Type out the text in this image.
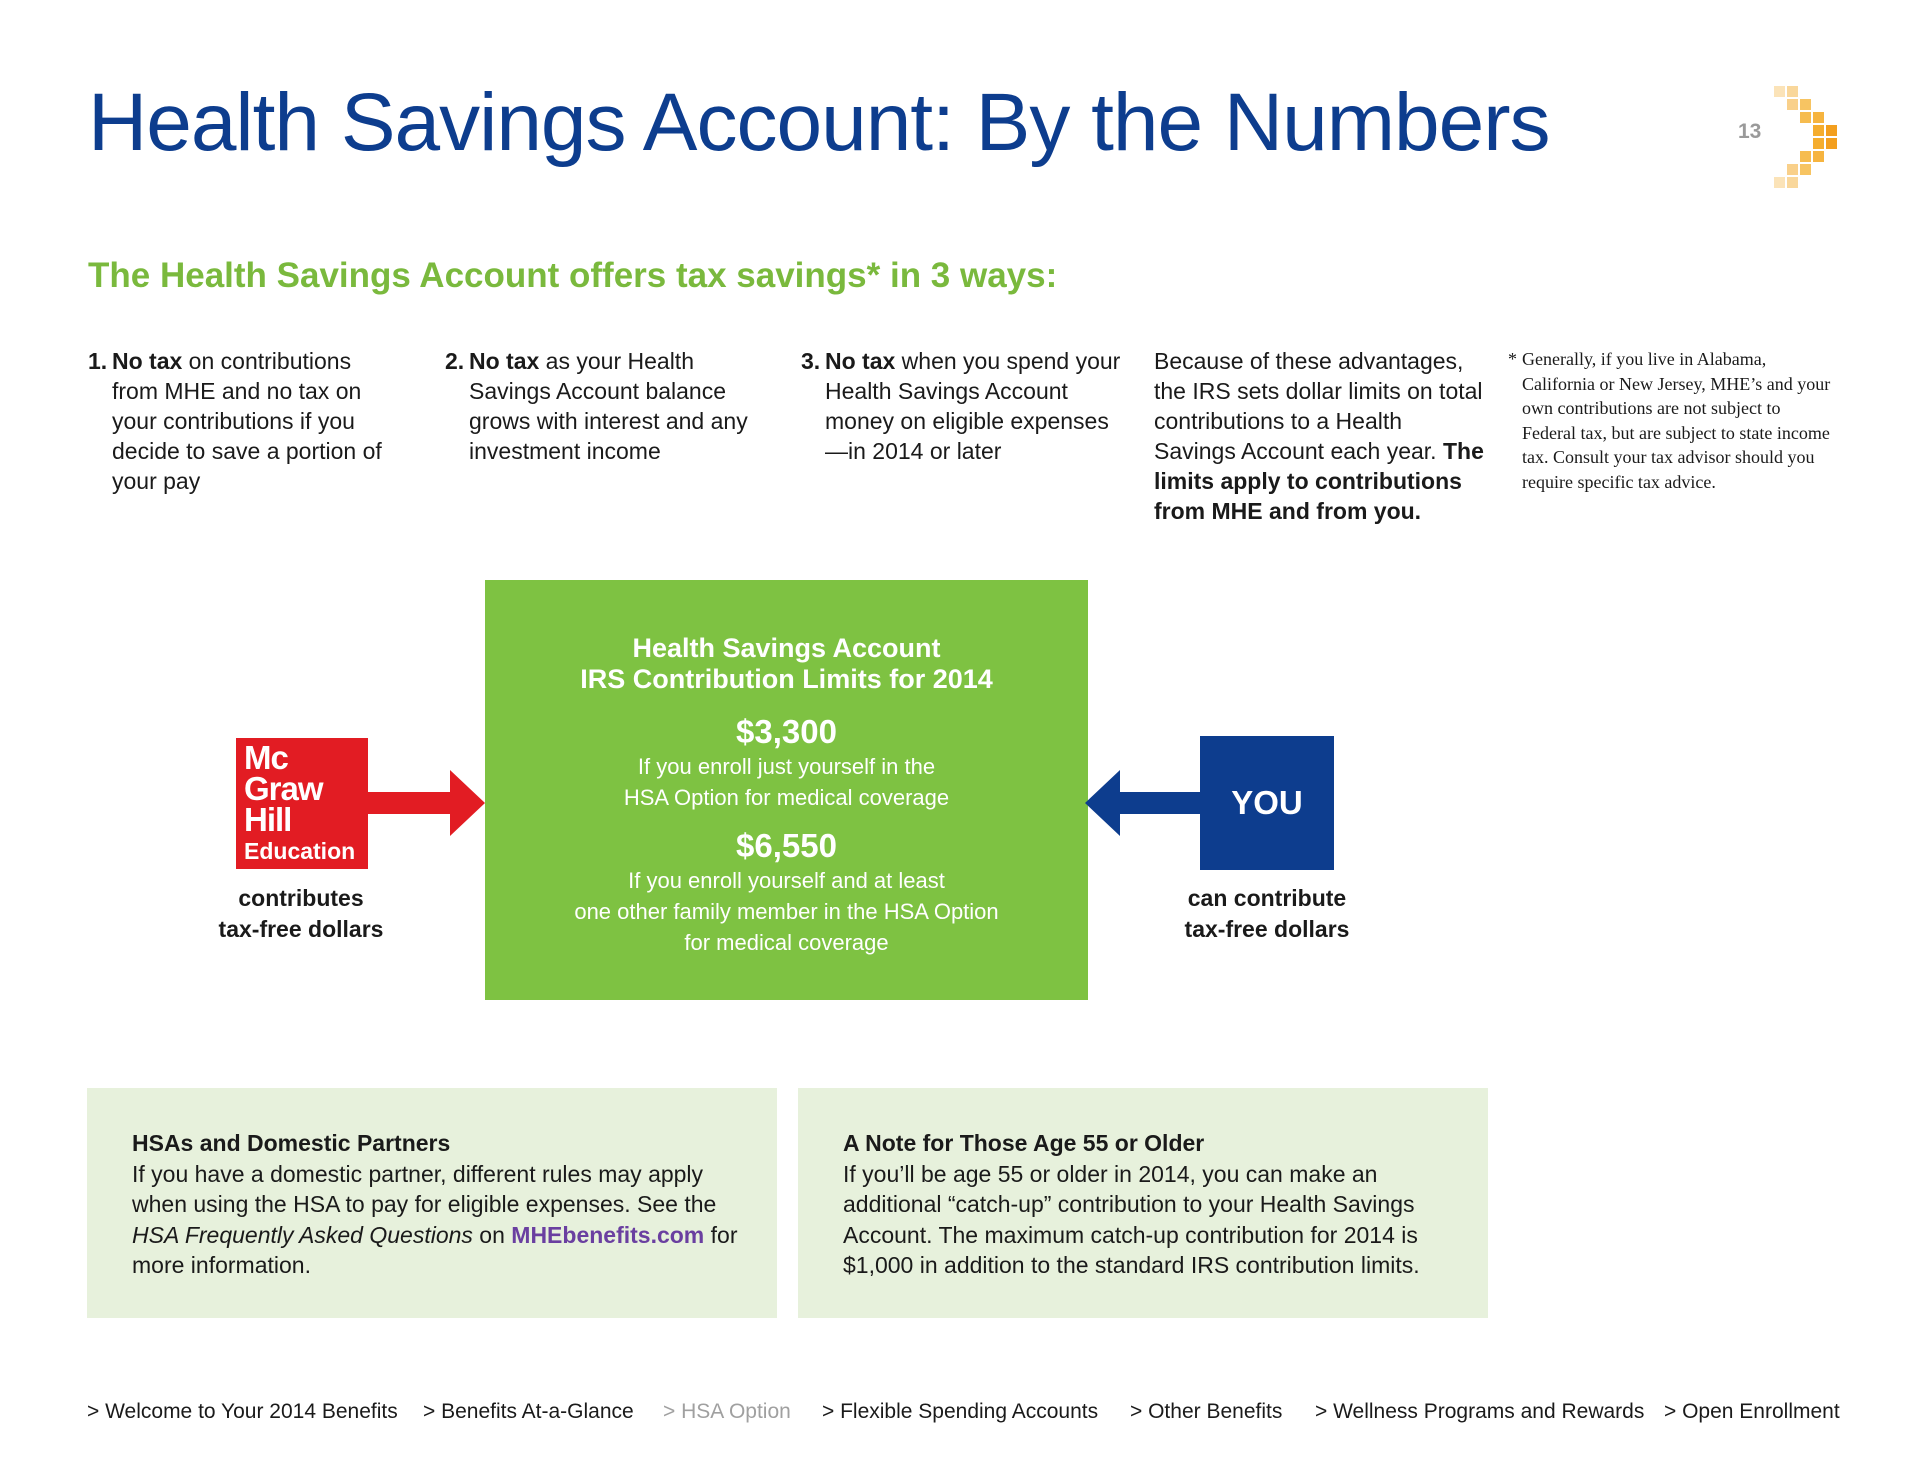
Health Savings Account: By the Numbers	13
The Health Savings Account offers tax savings* in 3 ways:
1. No tax on contributions from MHE and no tax on your contributions if you decide to save a portion of your pay
2. No tax as your Health Savings Account balance grows with interest and any investment income
3. No tax when you spend your Health Savings Account money on eligible expenses—in 2014 or later
Because of these advantages, the IRS sets dollar limits on total contributions to a Health Savings Account each year. The limits apply to contributions from MHE and from you.
* Generally, if you live in Alabama, California or New Jersey, MHE’s and your own contributions are not subject to Federal tax, but are subject to state income tax. Consult your tax advisor should you require specific tax advice.
Mc
Graw
Hill
Education
contributes
tax-free dollars
Health Savings Account
IRS Contribution Limits for 2014
$3,300
If you enroll just yourself in the
HSA Option for medical coverage
$6,550
If you enroll yourself and at least
one other family member in the HSA Option
for medical coverage
YOU
can contribute
tax-free dollars
HSAs and Domestic Partners
If you have a domestic partner, different rules may apply when using the HSA to pay for eligible expenses. See the HSA Frequently Asked Questions on MHEbenefits.com for more information.
A Note for Those Age 55 or Older
If you’ll be age 55 or older in 2014, you can make an additional “catch-up” contribution to your Health Savings Account. The maximum catch-up contribution for 2014 is $1,000 in addition to the standard IRS contribution limits.
> Welcome to Your 2014 Benefits > Benefits At-a-Glance > HSA Option > Flexible Spending Accounts > Other Benefits > Wellness Programs and Rewards > Open Enrollment
